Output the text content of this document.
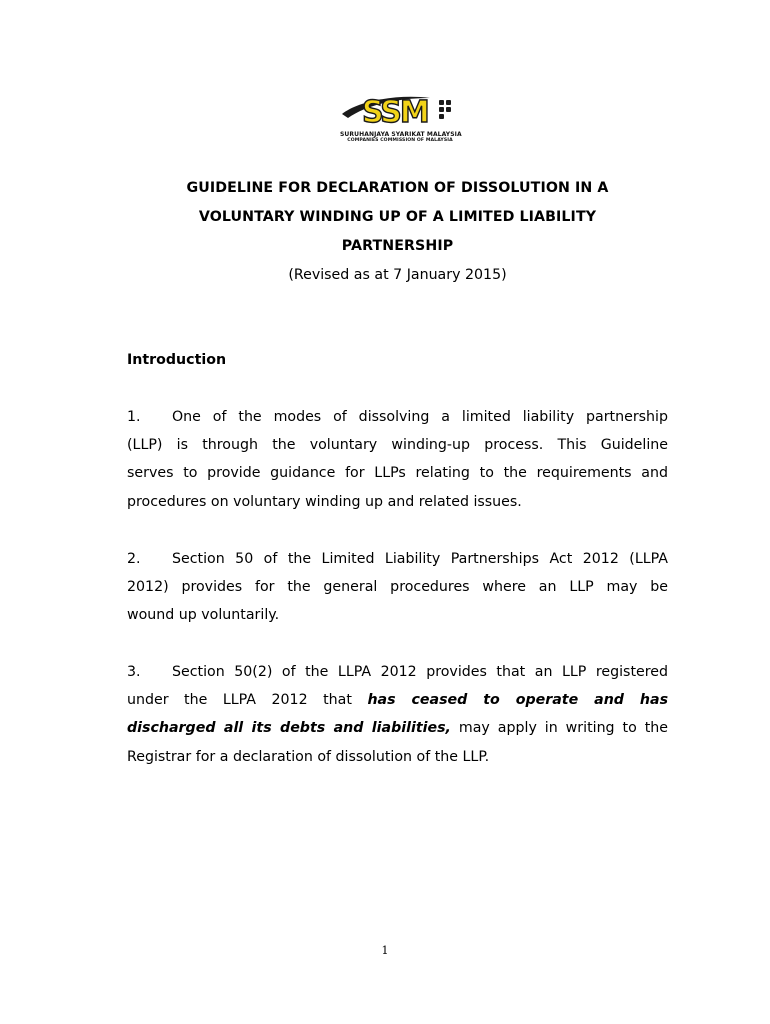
SSM
SURUHANJAYA SYARIKAT MALAYSIA
COMPANIES COMMISSION OF MALAYSIA
GUIDELINE FOR DECLARATION OF DISSOLUTION IN A
VOLUNTARY WINDING UP OF A LIMITED LIABILITY
PARTNERSHIP
(Revised as at 7 January 2015)
Introduction
1. One of the modes of dissolving a limited liability partnership
(LLP) is through the voluntary winding-up process. This Guideline
serves to provide guidance for LLPs relating to the requirements and
procedures on voluntary winding up and related issues.
2. Section 50 of the Limited Liability Partnerships Act 2012 (LLPA
2012) provides for the general procedures where an LLP may be
wound up voluntarily.
3. Section 50(2) of the LLPA 2012 provides that an LLP registered
under the LLPA 2012 that has ceased to operate and has
discharged all its debts and liabilities, may apply in writing to the
Registrar for a declaration of dissolution of the LLP.
1
